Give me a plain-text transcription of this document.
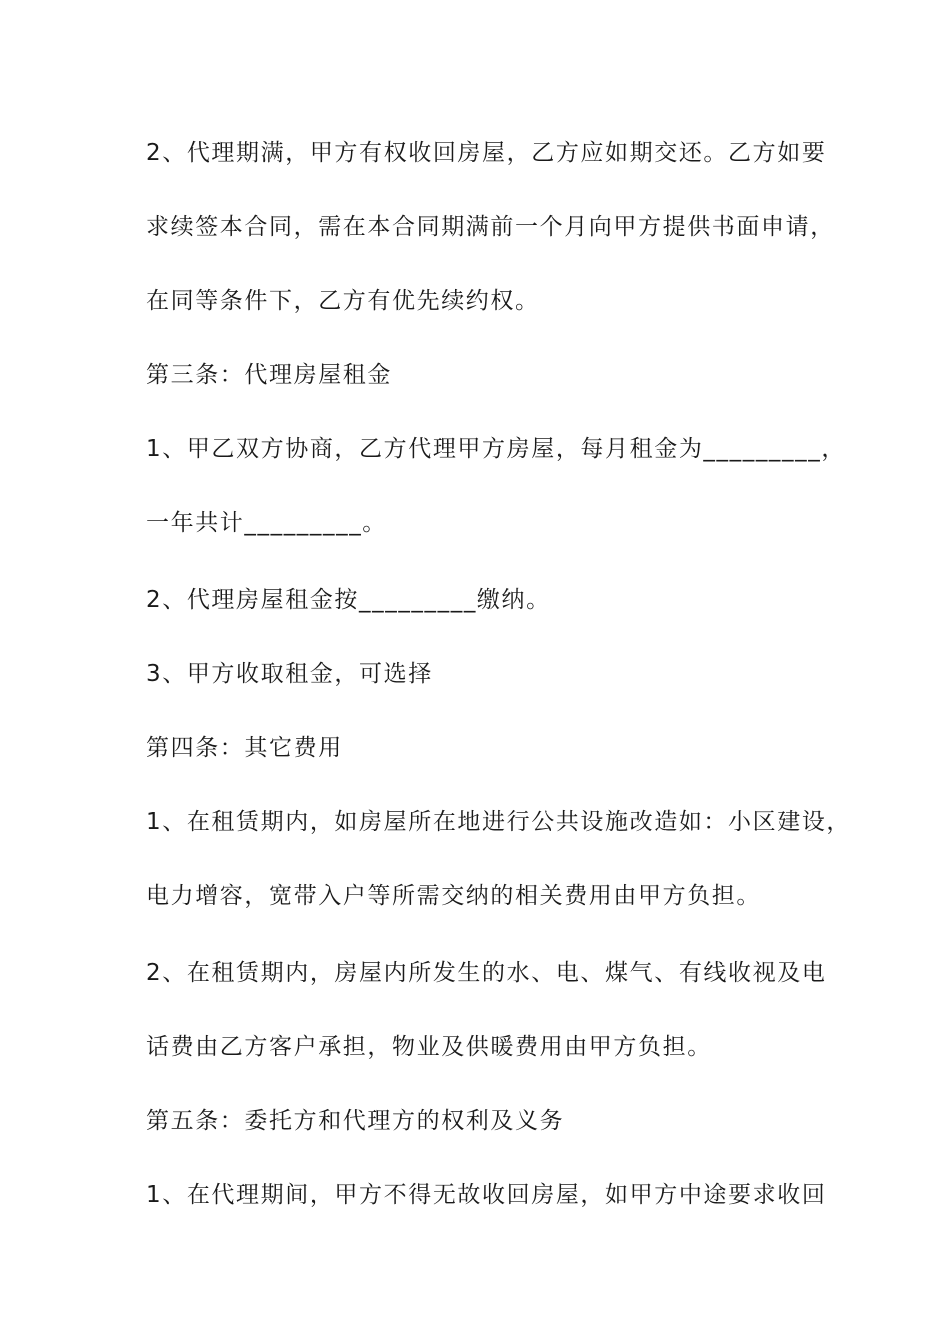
2、代理期满，甲方有权收回房屋，乙方应如期交还。乙方如要
求续签本合同，需在本合同期满前一个月向甲方提供书面申请，
在同等条件下，乙方有优先续约权。
第三条：代理房屋租金
1、甲乙双方协商，乙方代理甲方房屋，每月租金为_________，
一年共计_________。
2、代理房屋租金按_________缴纳。
3、甲方收取租金，可选择
第四条：其它费用
1、在租赁期内，如房屋所在地进行公共设施改造如：小区建设，
电力增容，宽带入户等所需交纳的相关费用由甲方负担。
2、在租赁期内，房屋内所发生的水、电、煤气、有线收视及电
话费由乙方客户承担，物业及供暖费用由甲方负担。
第五条：委托方和代理方的权利及义务
1、在代理期间，甲方不得无故收回房屋，如甲方中途要求收回
